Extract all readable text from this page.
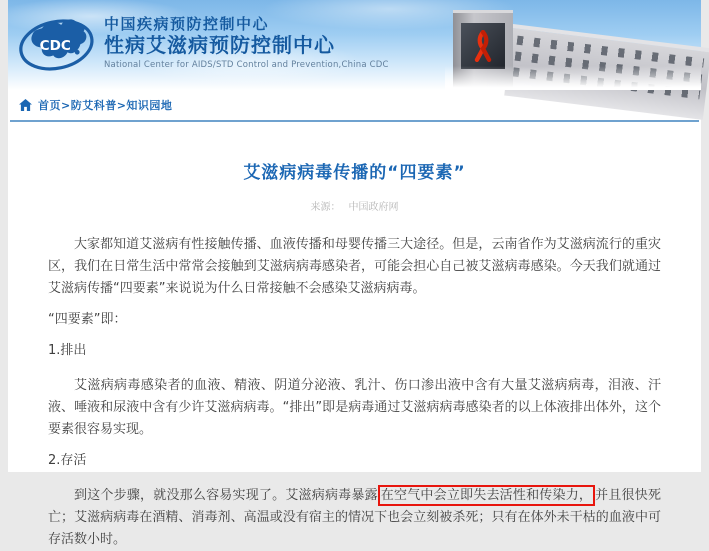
CDC
中国疾病预防控制中心
性病艾滋病预防控制中心
National Center for AIDS/STD Control and Prevention,China CDC
首页>防艾科普>知识园地
艾滋病病毒传播的“四要素”
来源： 中国政府网

大家都知道艾滋病有性接触传播、血液传播和母婴传播三大途径。但是，云南省作为艾滋病流行的重灾区，我们在日常生活中常常会接触到艾滋病病毒感染者，可能会担心自己被艾滋病毒感染。今天我们就通过艾滋病传播“四要素”来说说为什么日常接触不会感染艾滋病病毒。

“四要素”即：

1.排出

艾滋病病毒感染者的血液、精液、阴道分泌液、乳汁、伤口渗出液中含有大量艾滋病病毒，泪液、汗液、唾液和尿液中含有少许艾滋病病毒。“排出”即是病毒通过艾滋病病毒感染者的以上体液排出体外，这个要素很容易实现。

2.存活

到这个步骤，就没那么容易实现了。艾滋病病毒暴露 在空气中会立即失去活性和传染力， 并且很快死亡；艾滋病病毒在酒精、消毒剂、高温或没有宿主的情况下也会立刻被杀死；只有在体外未干枯的血液中可存活数小时。
